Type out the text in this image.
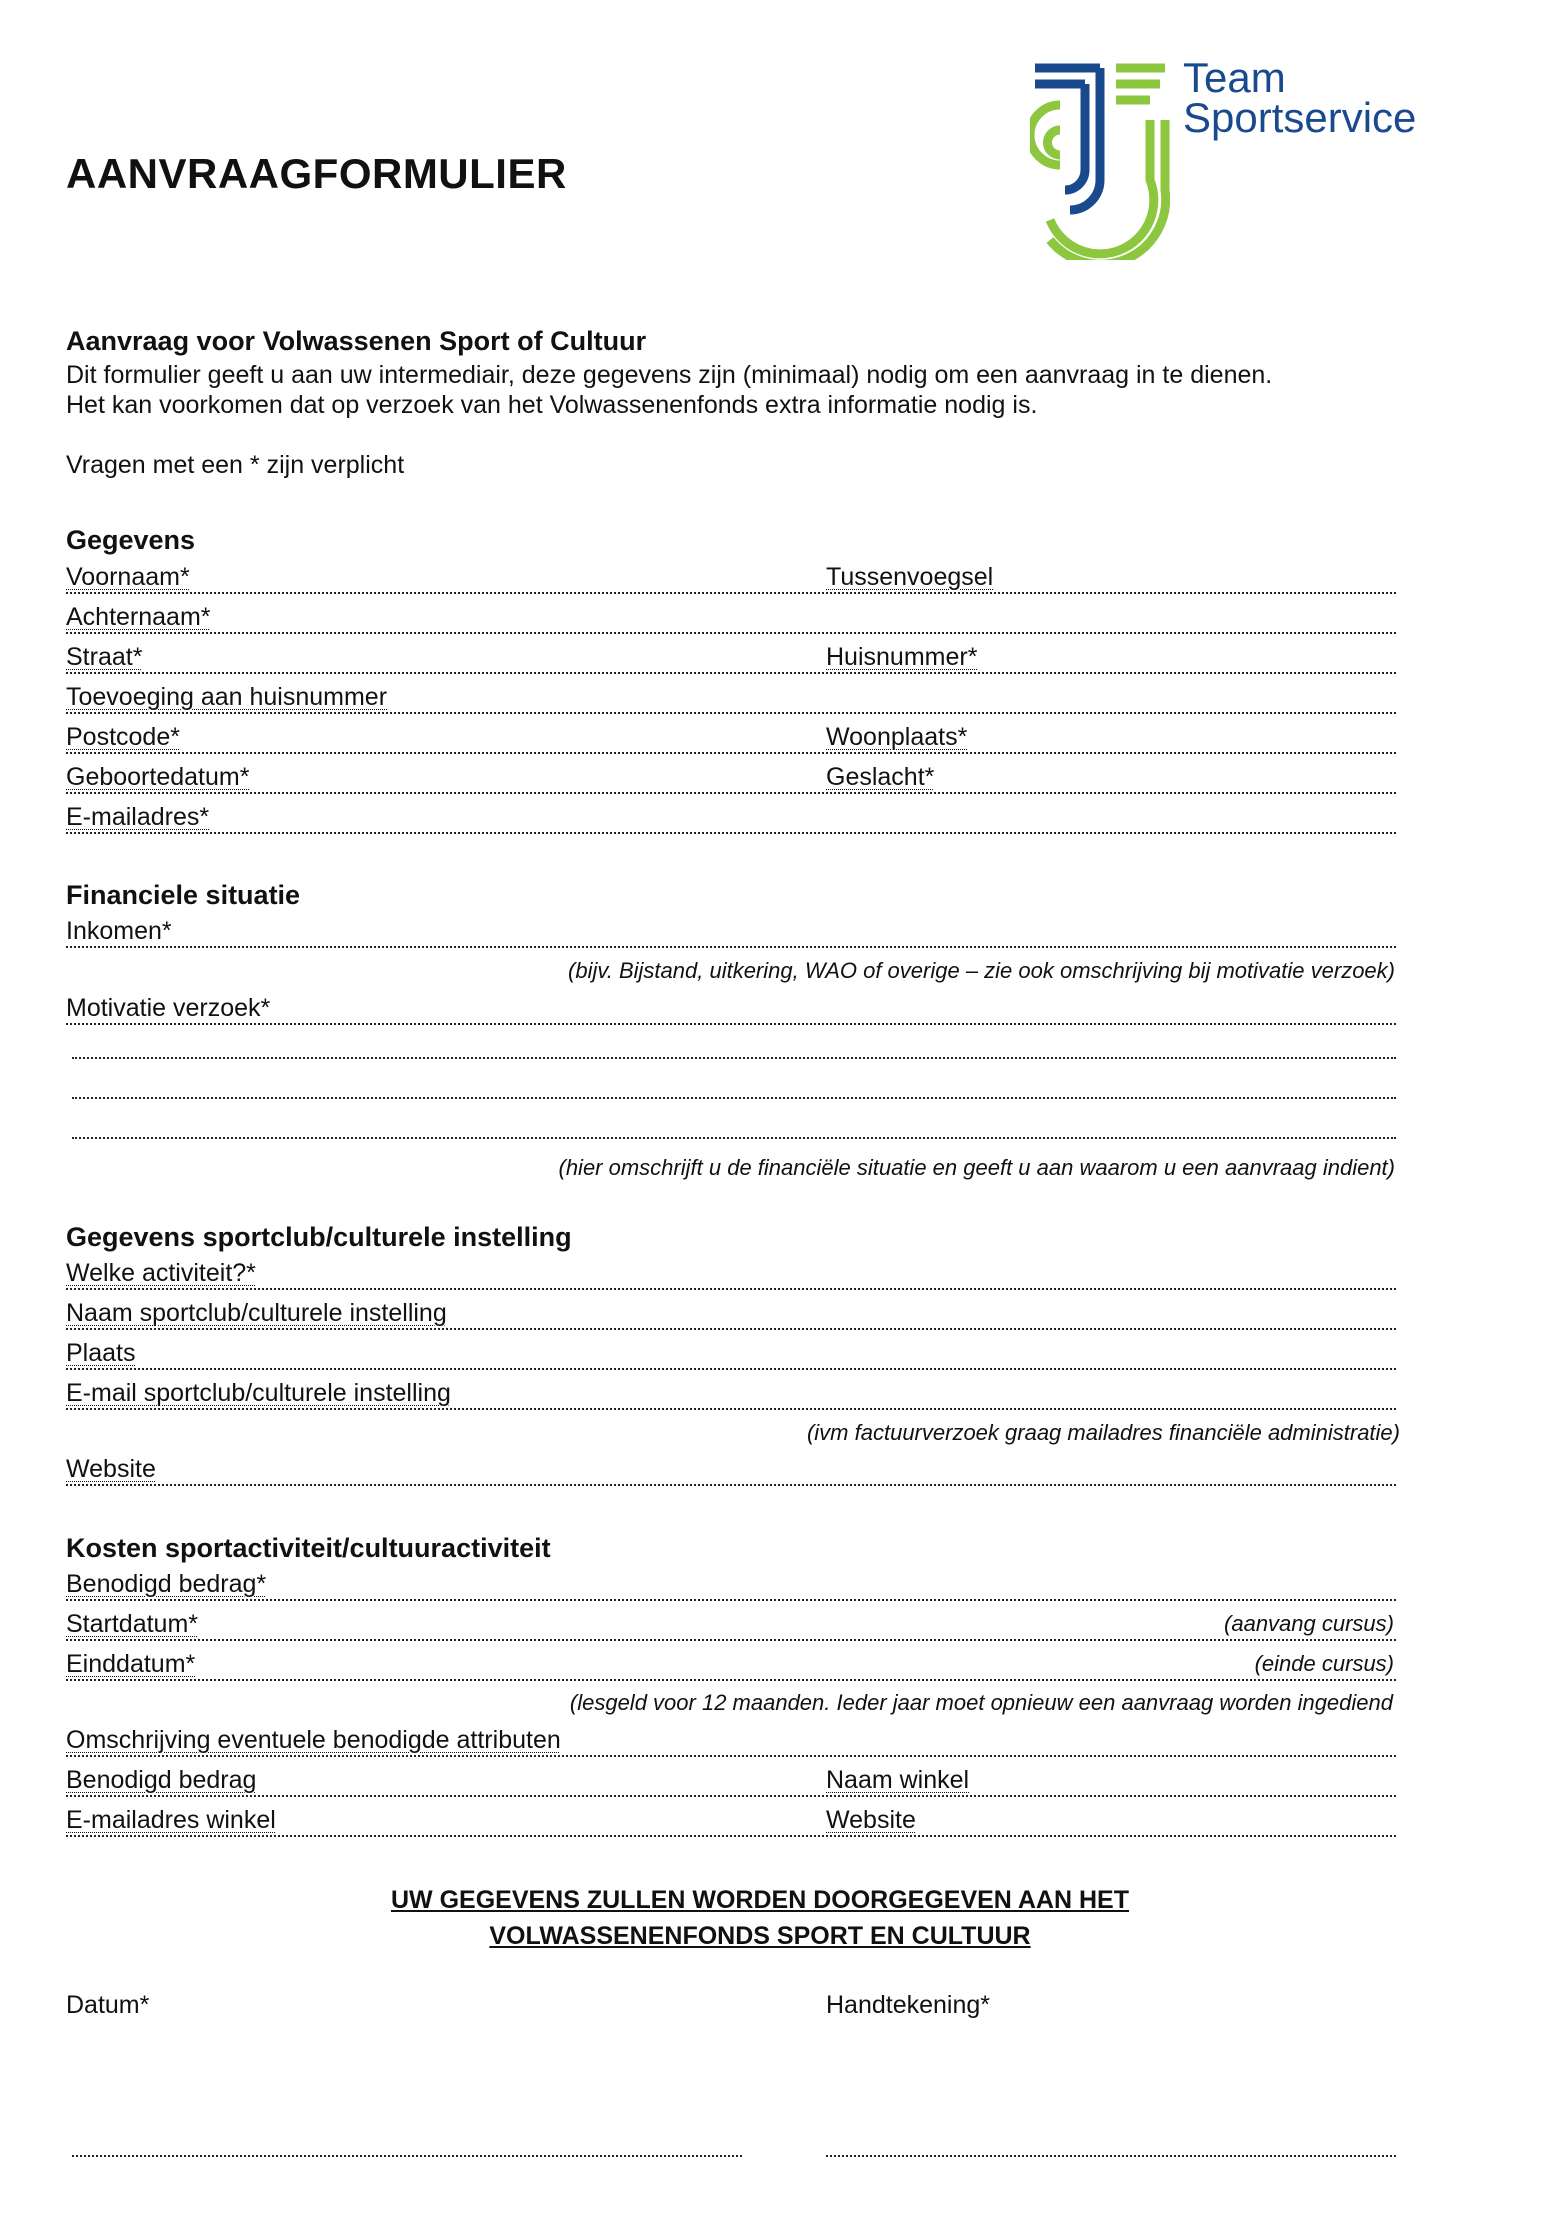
AANVRAAGFORMULIER
Team
Sportservice
Aanvraag voor Volwassenen Sport of Cultuur
Dit formulier geeft u aan uw intermediair, deze gegevens zijn (minimaal) nodig om een aanvraag in te dienen.
Het kan voorkomen dat op verzoek van het Volwassenenfonds extra informatie nodig is.
Vragen met een * zijn verplicht
Gegevens
Voornaam*	Tussenvoegsel
Achternaam*
Straat*	Huisnummer*
Toevoeging aan huisnummer
Postcode*	Woonplaats*
Geboortedatum*	Geslacht*
E-mailadres*
Financiele situatie
Inkomen*
(bijv. Bijstand, uitkering, WAO of overige – zie ook omschrijving bij motivatie verzoek)
Motivatie verzoek*
(hier omschrijft u de financiële situatie en geeft u aan waarom u een aanvraag indient)
Gegevens sportclub/culturele instelling
Welke activiteit?*
Naam sportclub/culturele instelling
Plaats
E-mail sportclub/culturele instelling
(ivm factuurverzoek graag mailadres financiële administratie)
Website
Kosten sportactiviteit/cultuuractiviteit
Benodigd bedrag*
Startdatum*	(aanvang cursus)
Einddatum*	(einde cursus)
(lesgeld voor 12 maanden. Ieder jaar moet opnieuw een aanvraag worden ingediend
Omschrijving eventuele benodigde attributen
Benodigd bedrag	Naam winkel
E-mailadres winkel	Website
UW GEGEVENS ZULLEN WORDEN DOORGEGEVEN AAN HET
VOLWASSENENFONDS SPORT EN CULTUUR
Datum*	Handtekening*
